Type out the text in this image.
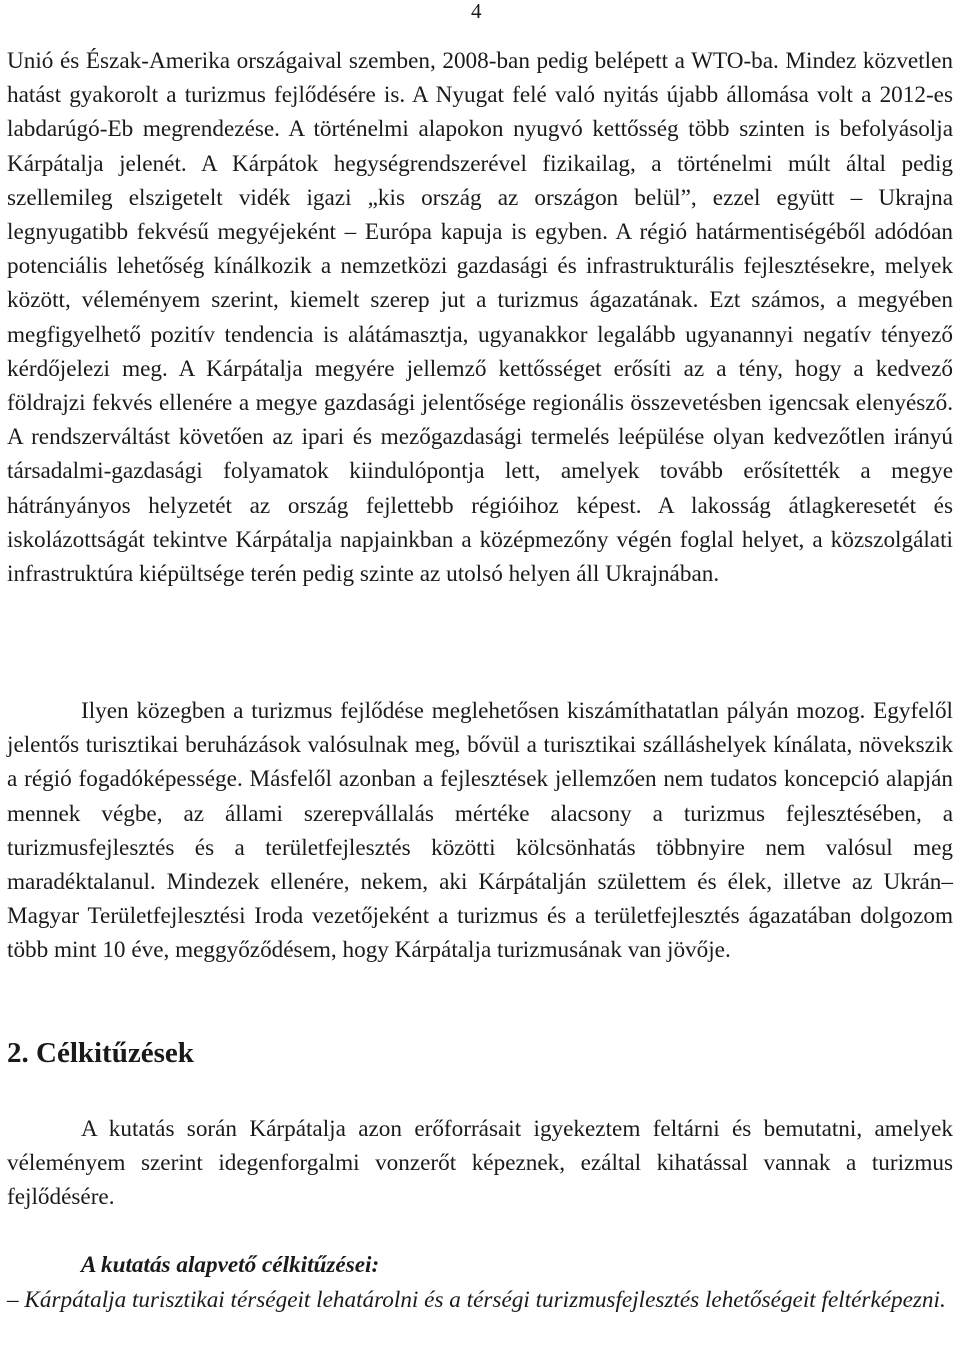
4

Unió és Észak-Amerika országaival szemben, 2008-ban pedig belépett a WTO-ba. Mindez közvetlen hatást gyakorolt a turizmus fejlődésére is. A Nyugat felé való nyitás újabb állomása volt a 2012-es labdarúgó-Eb megrendezése. A történelmi alapokon nyugvó kettősség több szinten is befolyásolja Kárpátalja jelenét. A Kárpátok hegységrendszerével fizikailag, a történelmi múlt által pedig szellemileg elszigetelt vidék igazi „kis ország az országon belül”, ezzel együtt – Ukrajna legnyugatibb fekvésű megyéjeként – Európa kapuja is egyben. A régió határmentiségéből adódóan potenciális lehetőség kínálkozik a nemzetközi gazdasági és infrastrukturális fejlesztésekre, melyek között, véleményem szerint, kiemelt szerep jut a turizmus ágazatának. Ezt számos, a megyében megfigyelhető pozitív tendencia is alátámasztja, ugyanakkor legalább ugyanannyi negatív tényező kérdőjelezi meg. A Kárpátalja megyére jellemző kettősséget erősíti az a tény, hogy a kedvező földrajzi fekvés ellenére a megye gazdasági jelentősége regionális összevetésben igencsak elenyésző. A rendszerváltást követően az ipari és mezőgazdasági termelés leépülése olyan kedvezőtlen irányú társadalmi-gazdasági folyamatok kiindulópontja lett, amelyek tovább erősítették a megye hátrányányos helyzetét az ország fejlettebb régióihoz képest. A lakosság átlagkeresetét és iskolázottságát tekintve Kárpátalja napjainkban a középmezőny végén foglal helyet, a közszolgálati infrastruktúra kiépültsége terén pedig szinte az utolsó helyen áll Ukrajnában.

Ilyen közegben a turizmus fejlődése meglehetősen kiszámíthatatlan pályán mozog. Egyfelől jelentős turisztikai beruházások valósulnak meg, bővül a turisztikai szálláshelyek kínálata, növekszik a régió fogadóképessége. Másfelől azonban a fejlesztések jellemzően nem tudatos koncepció alapján mennek végbe, az állami szerepvállalás mértéke alacsony a turizmus fejlesztésében, a turizmusfejlesztés és a területfejlesztés közötti kölcsönhatás többnyire nem valósul meg maradéktalanul. Mindezek ellenére, nekem, aki Kárpátalján születtem és élek, illetve az Ukrán–Magyar Területfejlesztési Iroda vezetőjeként a turizmus és a területfejlesztés ágazatában dolgozom több mint 10 éve, meggyőződésem, hogy Kárpátalja turizmusának van jövője.

2. Célkitűzések

A kutatás során Kárpátalja azon erőforrásait igyekeztem feltárni és bemutatni, amelyek véleményem szerint idegenforgalmi vonzerőt képeznek, ezáltal kihatással vannak a turizmus fejlődésére.

A kutatás alapvető célkitűzései:

– Kárpátalja turisztikai térségeit lehatárolni és a térségi turizmusfejlesztés lehetőségeit feltérképezni.
